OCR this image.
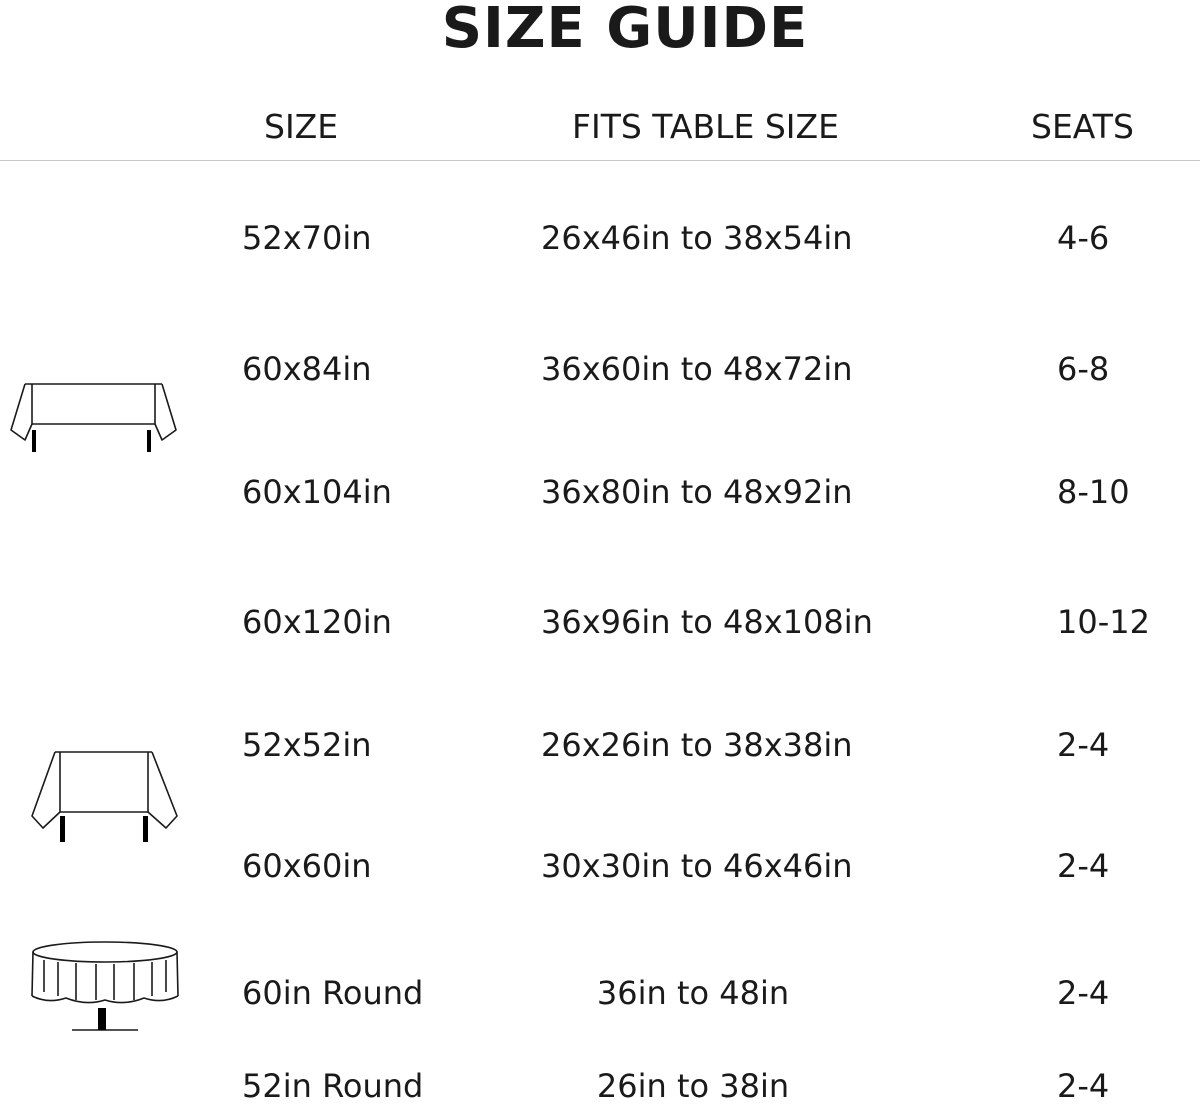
SIZE GUIDE
SIZE	FITS TABLE SIZE	SEATS
52x70in	26x46in to 38x54in	4-6
60x84in	36x60in to 48x72in	6-8
60x104in	36x80in to 48x92in	8-10
60x120in	36x96in to 48x108in	10-12
52x52in	26x26in to 38x38in	2-4
60x60in	30x30in to 46x46in	2-4
60in Round	36in to 48in	2-4
52in Round	26in to 38in	2-4
